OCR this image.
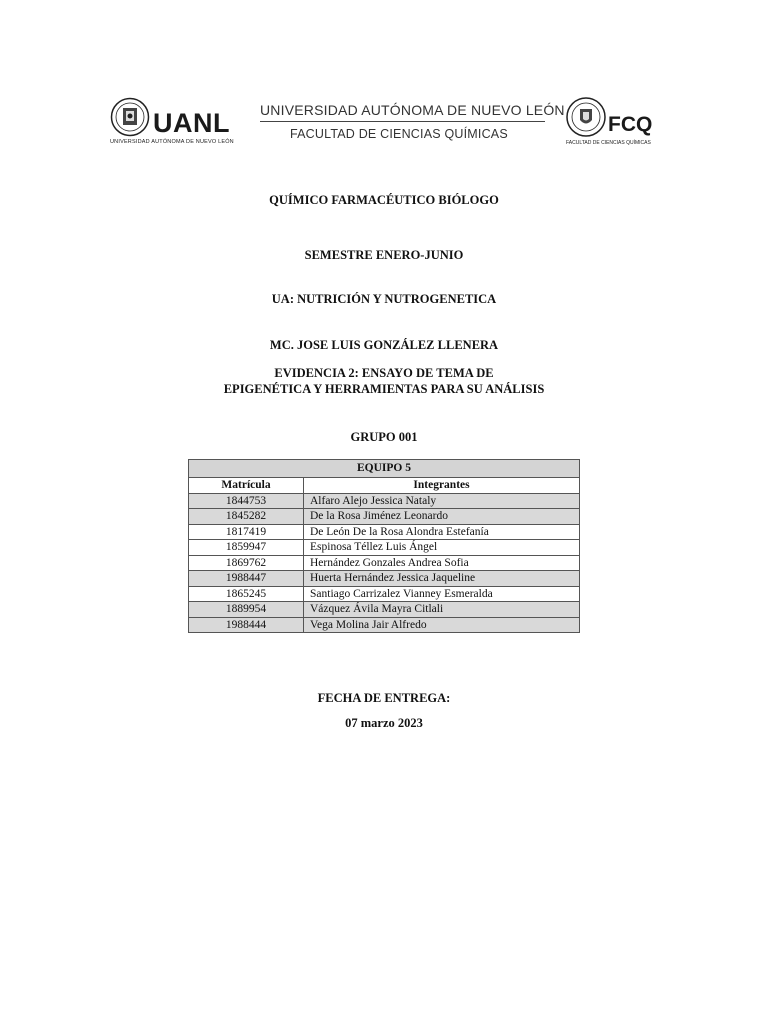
UANL
UNIVERSIDAD AUTÓNOMA DE NUEVO LEÓN
UNIVERSIDAD AUTÓNOMA DE NUEVO LEÓN
FACULTAD DE CIENCIAS QUÍMICAS	FCQ
FACULTAD DE CIENCIAS QUÍMICAS
QUÍMICO FARMACÉUTICO BIÓLOGO
SEMESTRE ENERO-JUNIO
UA: NUTRICIÓN Y NUTROGENETICA
MC. JOSE LUIS GONZÁLEZ LLENERA
EVIDENCIA 2: ENSAYO DE TEMA DE
EPIGENÉTICA Y HERRAMIENTAS PARA SU ANÁLISIS
GRUPO 001
EQUIPO 5	
Matrícula	Integrantes
1844753	Alfaro Alejo Jessica Nataly
1845282	De la Rosa Jiménez Leonardo
1817419	De León De la Rosa Alondra Estefanía
1859947	Espinosa Téllez Luis Ángel
1869762	Hernández Gonzales Andrea Sofia
1988447	Huerta Hernández Jessica Jaqueline
1865245	Santiago Carrizalez Vianney Esmeralda
1889954	Vázquez Ávila Mayra Citlali
1988444	Vega Molina Jair Alfredo
FECHA DE ENTREGA:
07 marzo 2023
